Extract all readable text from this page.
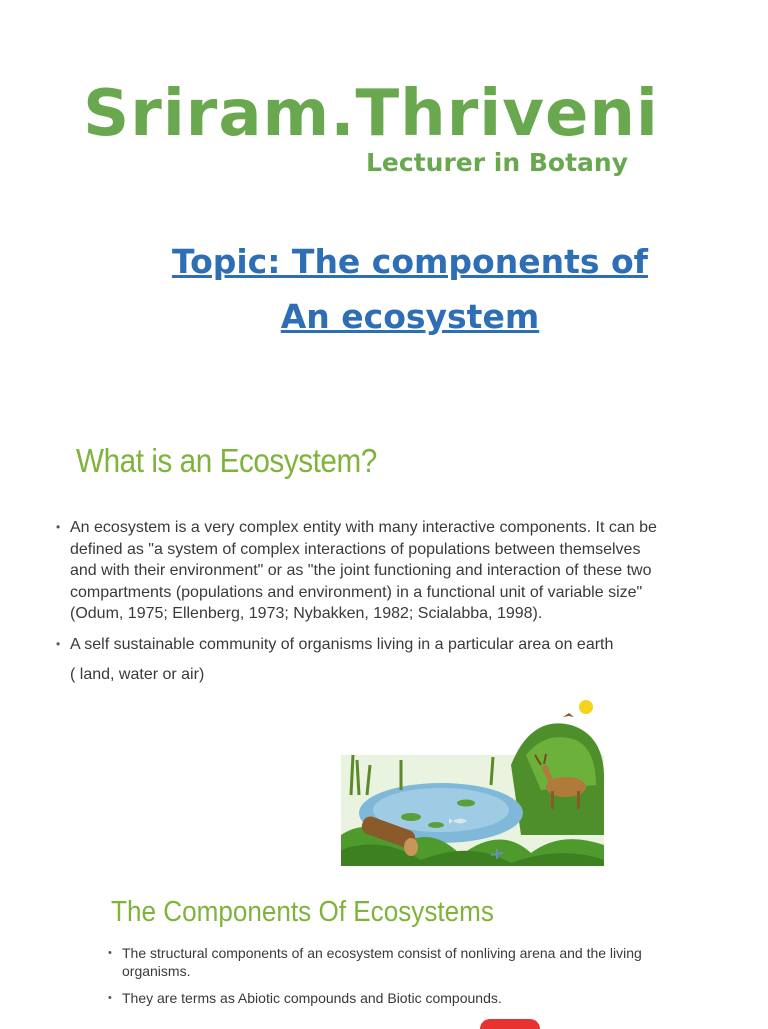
Sriram.Thriveni
Lecturer in Botany
Topic: The components of
An ecosystem
What is an Ecosystem?
• An ecosystem is a very complex entity with many interactive components. It can be defined as "a system of complex interactions of populations between themselves and with their environment" or as "the joint functioning and interaction of these two compartments (populations and environment) in a functional unit of variable size" (Odum, 1975; Ellenberg, 1973; Nybakken, 1982; Scialabba, 1998).
• A self sustainable community of organisms living in a particular area on earth

( land, water or air)

The Components Of Ecosystems
• The structural components of an ecosystem consist of nonliving arena and the living organisms.
• They are terms as Abiotic compounds and Biotic compounds.
